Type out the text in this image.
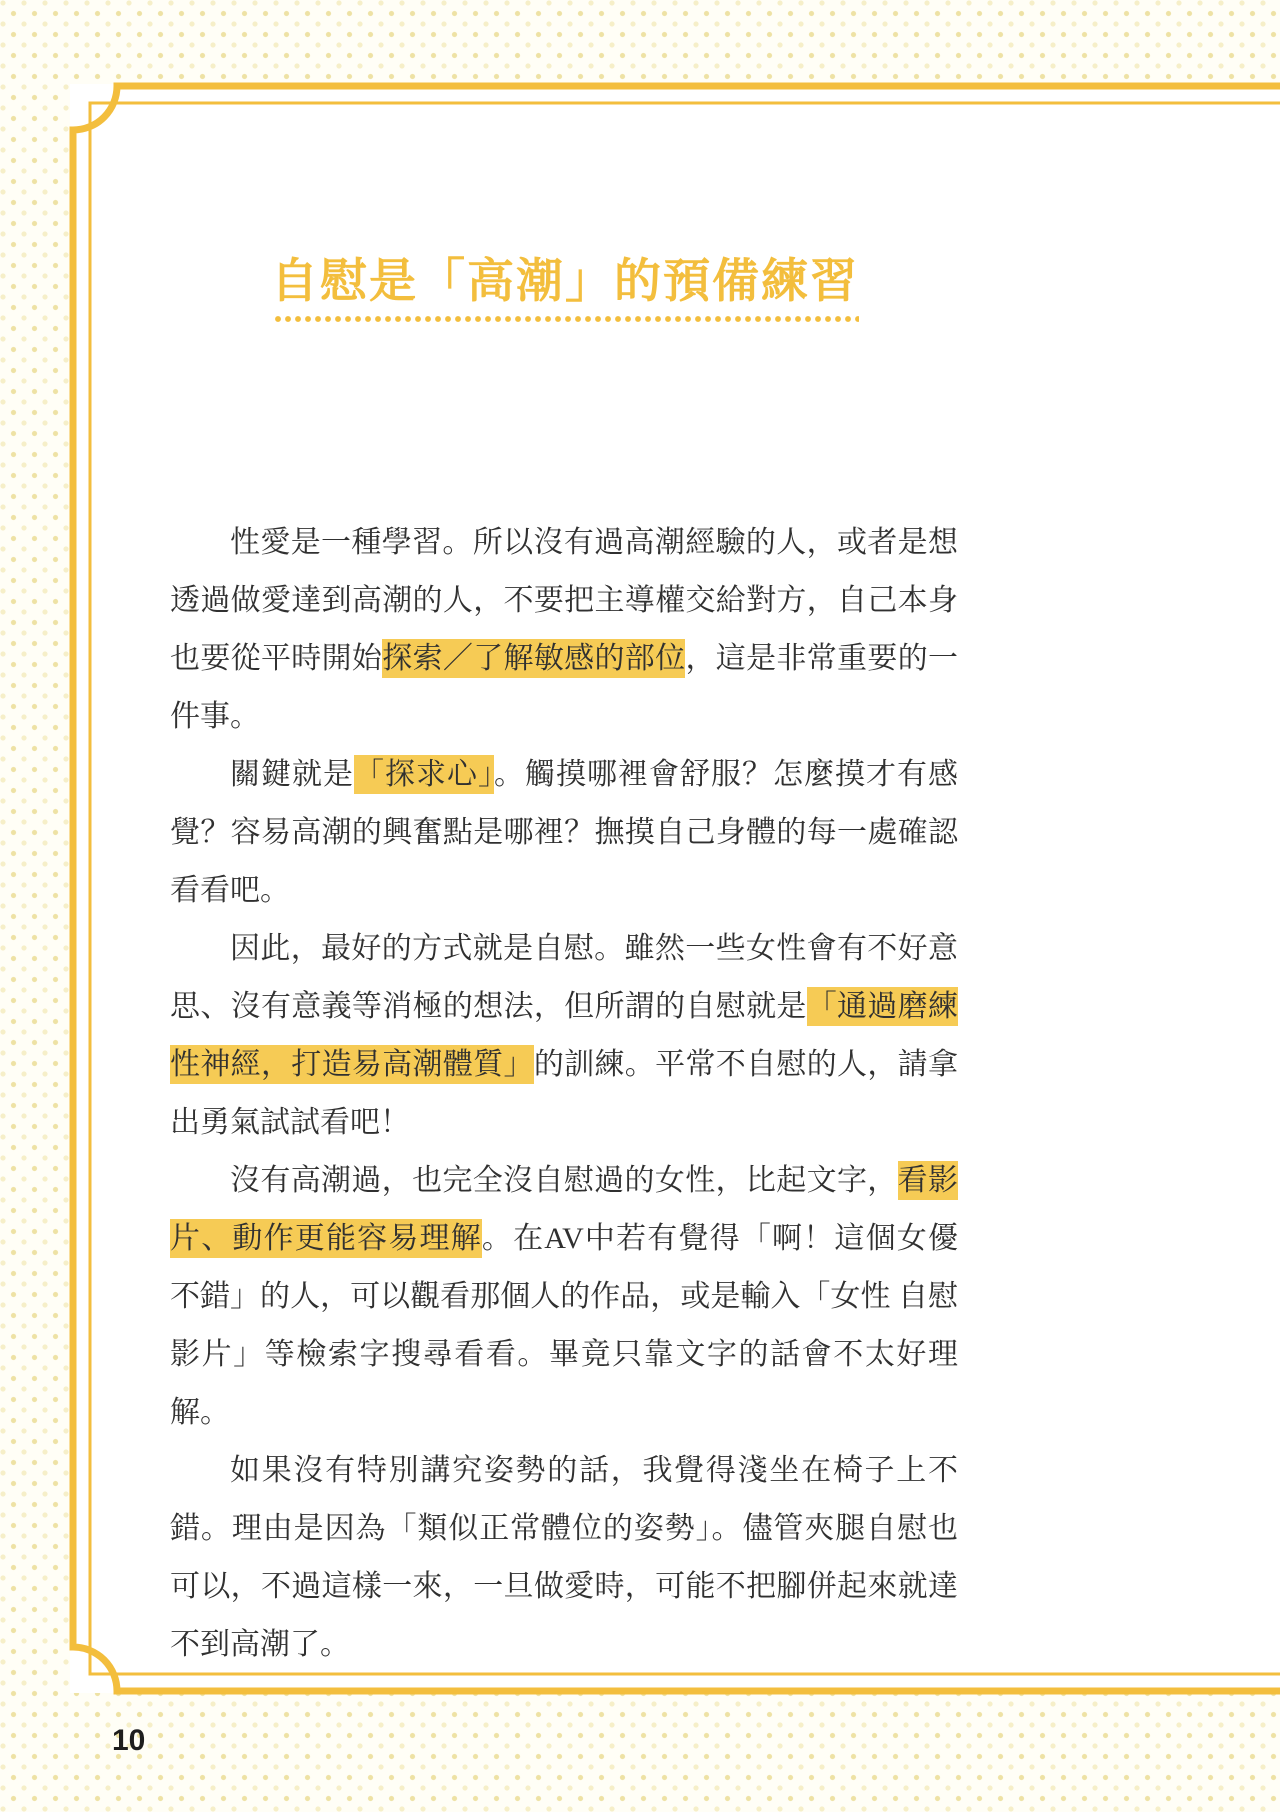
自慰是「高潮」的預備練習

性愛是一種學習。所以沒有過高潮經驗的人，或者是想透過做愛達到高潮的人，不要把主導權交給對方，自己本身也要從平時開始探索／了解敏感的部位，這是非常重要的一件事。

關鍵就是「探求心」。觸摸哪裡會舒服？怎麼摸才有感覺？容易高潮的興奮點是哪裡？撫摸自己身體的每一處確認看看吧。

因此，最好的方式就是自慰。雖然一些女性會有不好意思、沒有意義等消極的想法，但所謂的自慰就是「通過磨練性神經，打造易高潮體質」的訓練。平常不自慰的人，請拿出勇氣試試看吧！

沒有高潮過，也完全沒自慰過的女性，比起文字，看影片、動作更能容易理解。在AV中若有覺得「啊！這個女優不錯」的人，可以觀看那個人的作品，或是輸入「女性 自慰 影片」等檢索字搜尋看看。畢竟只靠文字的話會不太好理解。

如果沒有特別講究姿勢的話，我覺得淺坐在椅子上不錯。理由是因為「類似正常體位的姿勢」。儘管夾腿自慰也可以，不過這樣一來，一旦做愛時，可能不把腳併起來就達不到高潮了。

10
